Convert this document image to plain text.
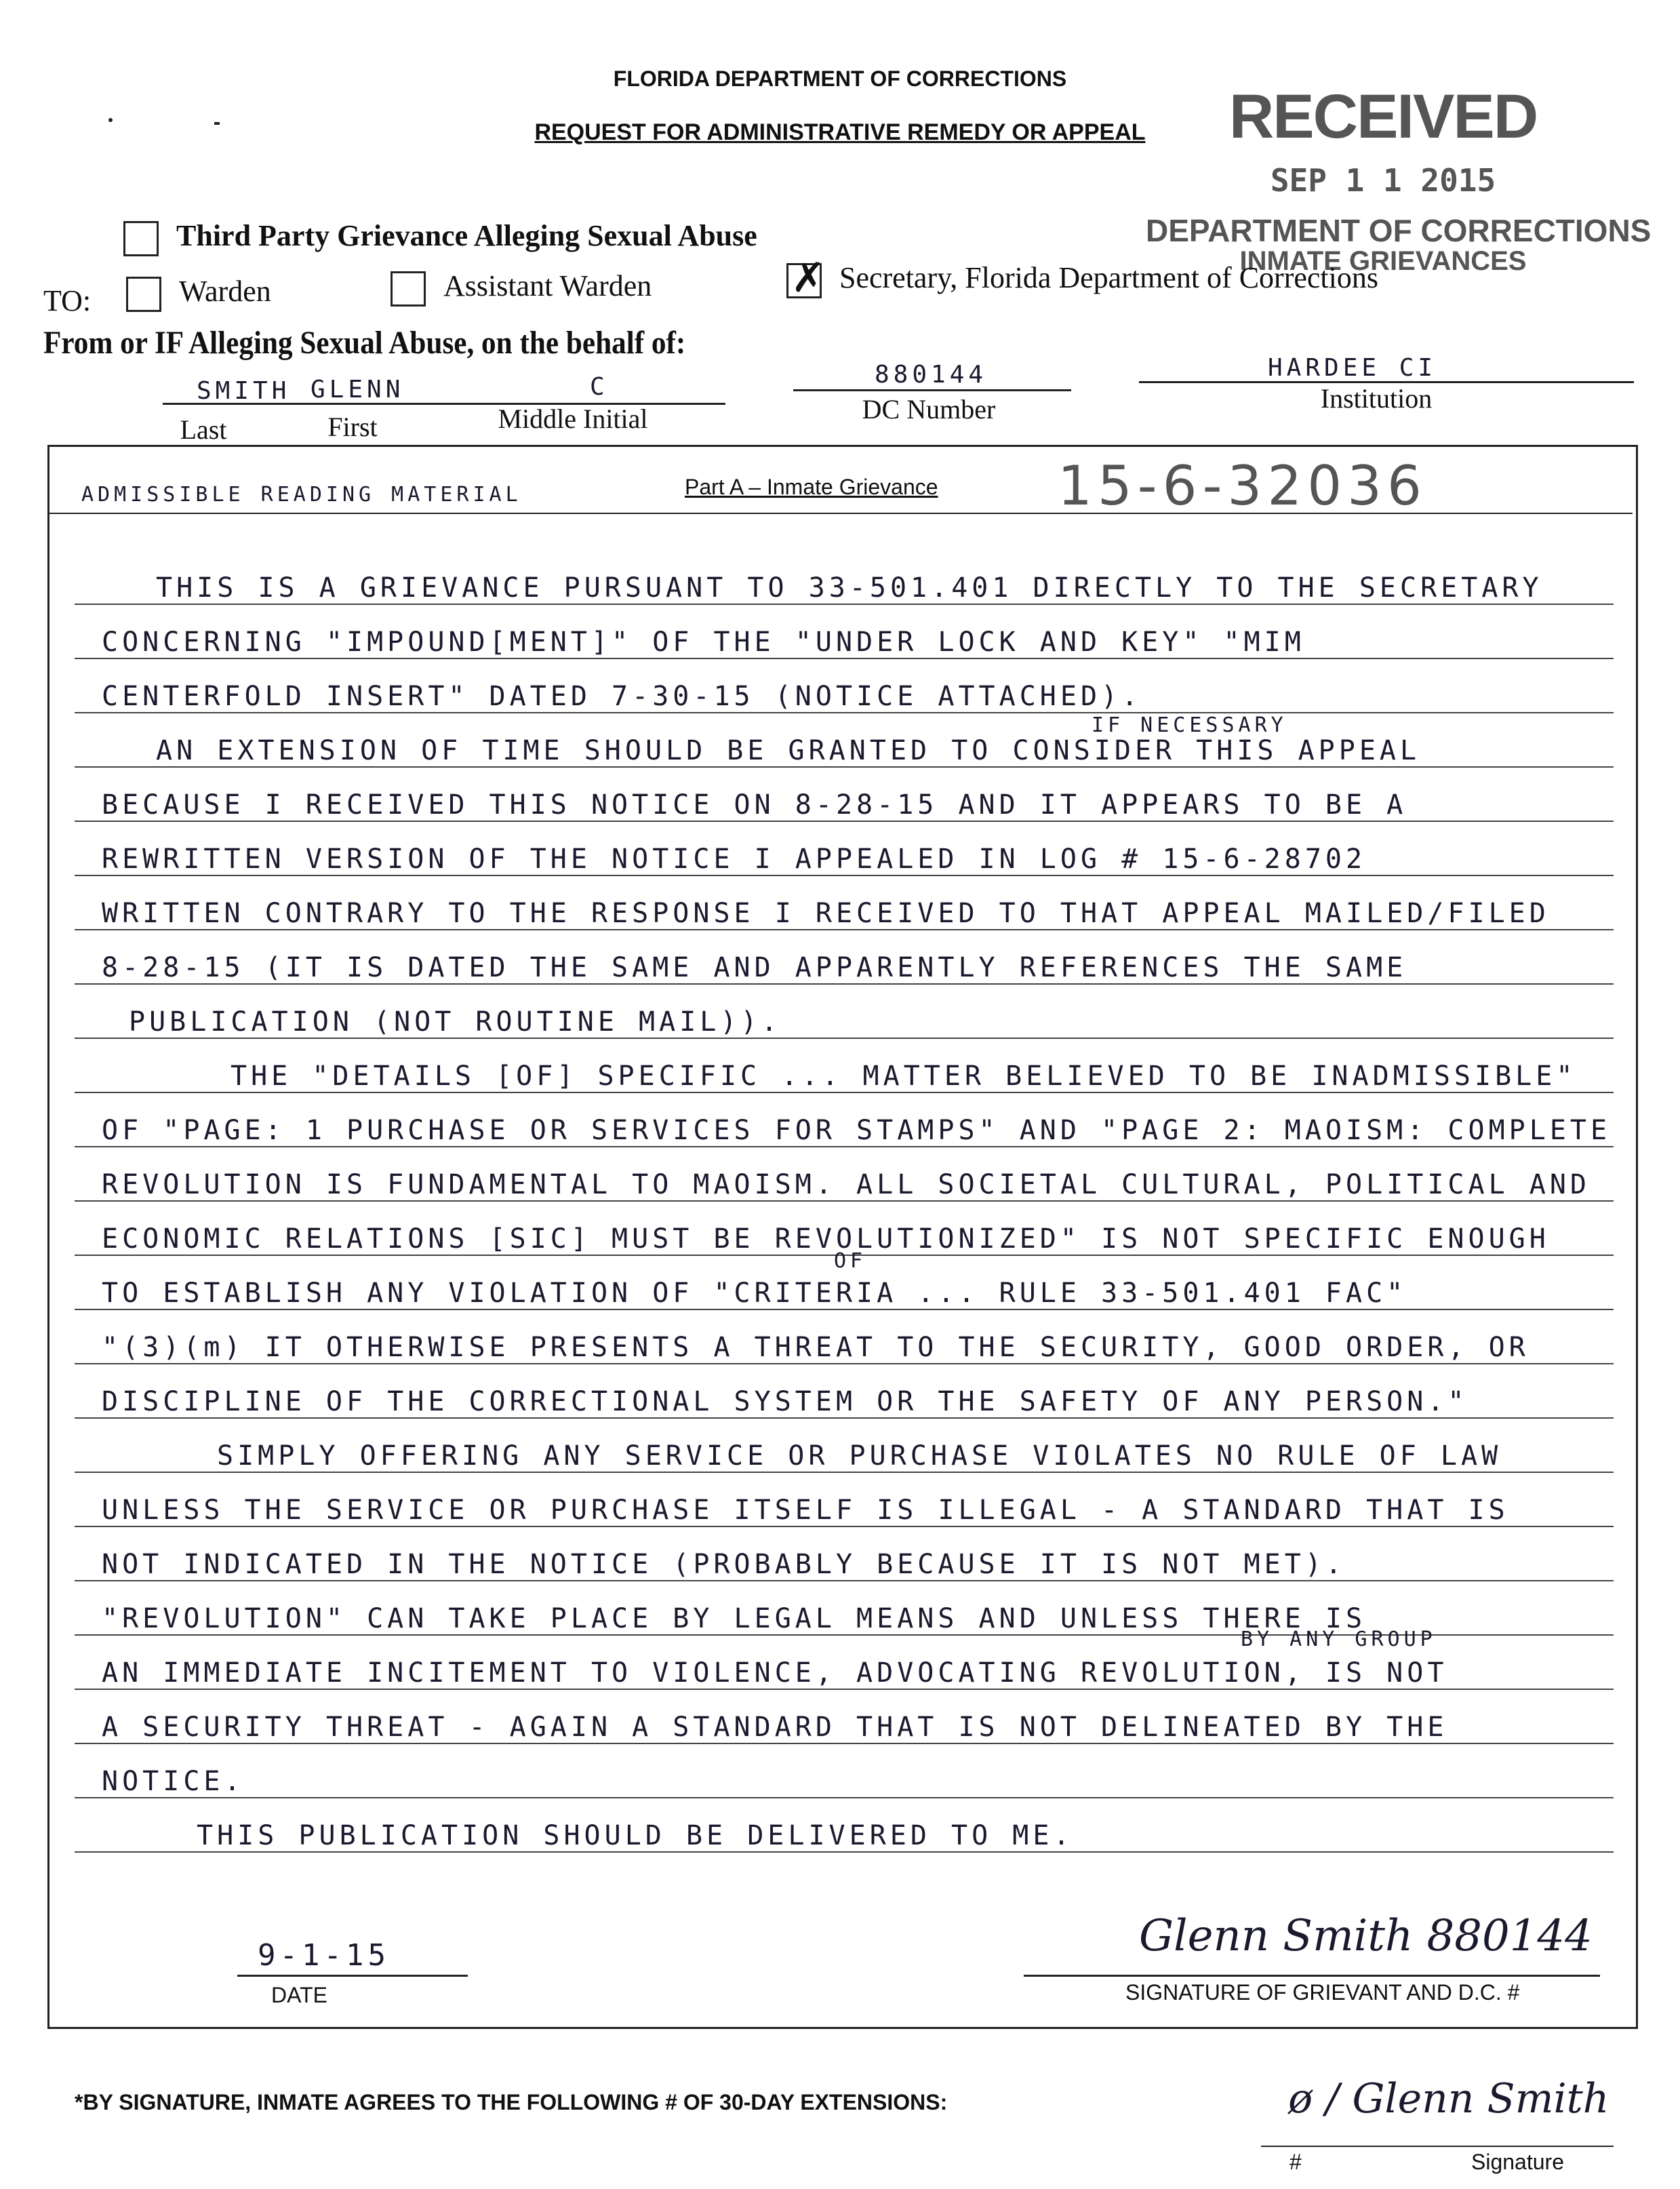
FLORIDA DEPARTMENT OF CORRECTIONS
REQUEST FOR ADMINISTRATIVE REMEDY OR APPEAL	RECEIVED
SEP 1 1 2015
DEPARTMENT OF CORRECTIONS
INMATE GRIEVANCES
Third Party Grievance Alleging Sexual Abuse
TO:	Warden	Assistant Warden	✗ Secretary, Florida Department of Corrections
From or IF Alleging Sexual Abuse, on the behalf of:
SMITH GLENN	C	880144	HARDEE CI
Last	First	Middle Initial	DC Number	Institution
ADMISSIBLE READING MATERIAL	Part A – Inmate Grievance 15-6-32036
THIS IS A GRIEVANCE PURSUANT TO 33-501.401 DIRECTLY TO THE SECRETARY
CONCERNING "IMPOUND[MENT]" OF THE "UNDER LOCK AND KEY" "MIM
CENTERFOLD INSERT" DATED 7-30-15 (NOTICE ATTACHED).
IF NECESSARY
AN EXTENSION OF TIME SHOULD BE GRANTED TO CONSIDER THIS APPEAL
BECAUSE I RECEIVED THIS NOTICE ON 8-28-15 AND IT APPEARS TO BE A
REWRITTEN VERSION OF THE NOTICE I APPEALED IN LOG # 15-6-28702
WRITTEN CONTRARY TO THE RESPONSE I RECEIVED TO THAT APPEAL MAILED/FILED
8-28-15 (IT IS DATED THE SAME AND APPARENTLY REFERENCES THE SAME
PUBLICATION (NOT ROUTINE MAIL)).
THE "DETAILS [OF] SPECIFIC ... MATTER BELIEVED TO BE INADMISSIBLE"
OF "PAGE: 1 PURCHASE OR SERVICES FOR STAMPS" AND "PAGE 2: MAOISM: COMPLETE
REVOLUTION IS FUNDAMENTAL TO MAOISM. ALL SOCIETAL CULTURAL, POLITICAL AND
ECONOMIC RELATIONS [SIC] MUST BE REVOLUTIONIZED" IS NOT SPECIFIC ENOUGH
OF
TO ESTABLISH ANY VIOLATION OF "CRITERIA ... RULE 33-501.401 FAC"
"(3)(m) IT OTHERWISE PRESENTS A THREAT TO THE SECURITY, GOOD ORDER, OR
DISCIPLINE OF THE CORRECTIONAL SYSTEM OR THE SAFETY OF ANY PERSON."
SIMPLY OFFERING ANY SERVICE OR PURCHASE VIOLATES NO RULE OF LAW
UNLESS THE SERVICE OR PURCHASE ITSELF IS ILLEGAL - A STANDARD THAT IS
NOT INDICATED IN THE NOTICE (PROBABLY BECAUSE IT IS NOT MET).
"REVOLUTION" CAN TAKE PLACE BY LEGAL MEANS AND UNLESS THERE IS
BY ANY GROUP
AN IMMEDIATE INCITEMENT TO VIOLENCE, ADVOCATING REVOLUTION, IS NOT
A SECURITY THREAT - AGAIN A STANDARD THAT IS NOT DELINEATED BY THE
NOTICE.
THIS PUBLICATION SHOULD BE DELIVERED TO ME.
9-1-15
DATE
Glenn Smith 880144
SIGNATURE OF GRIEVANT AND D.C. #
*BY SIGNATURE, INMATE AGREES TO THE FOLLOWING # OF 30-DAY EXTENSIONS:	ø / Glenn Smith
#	Signature
